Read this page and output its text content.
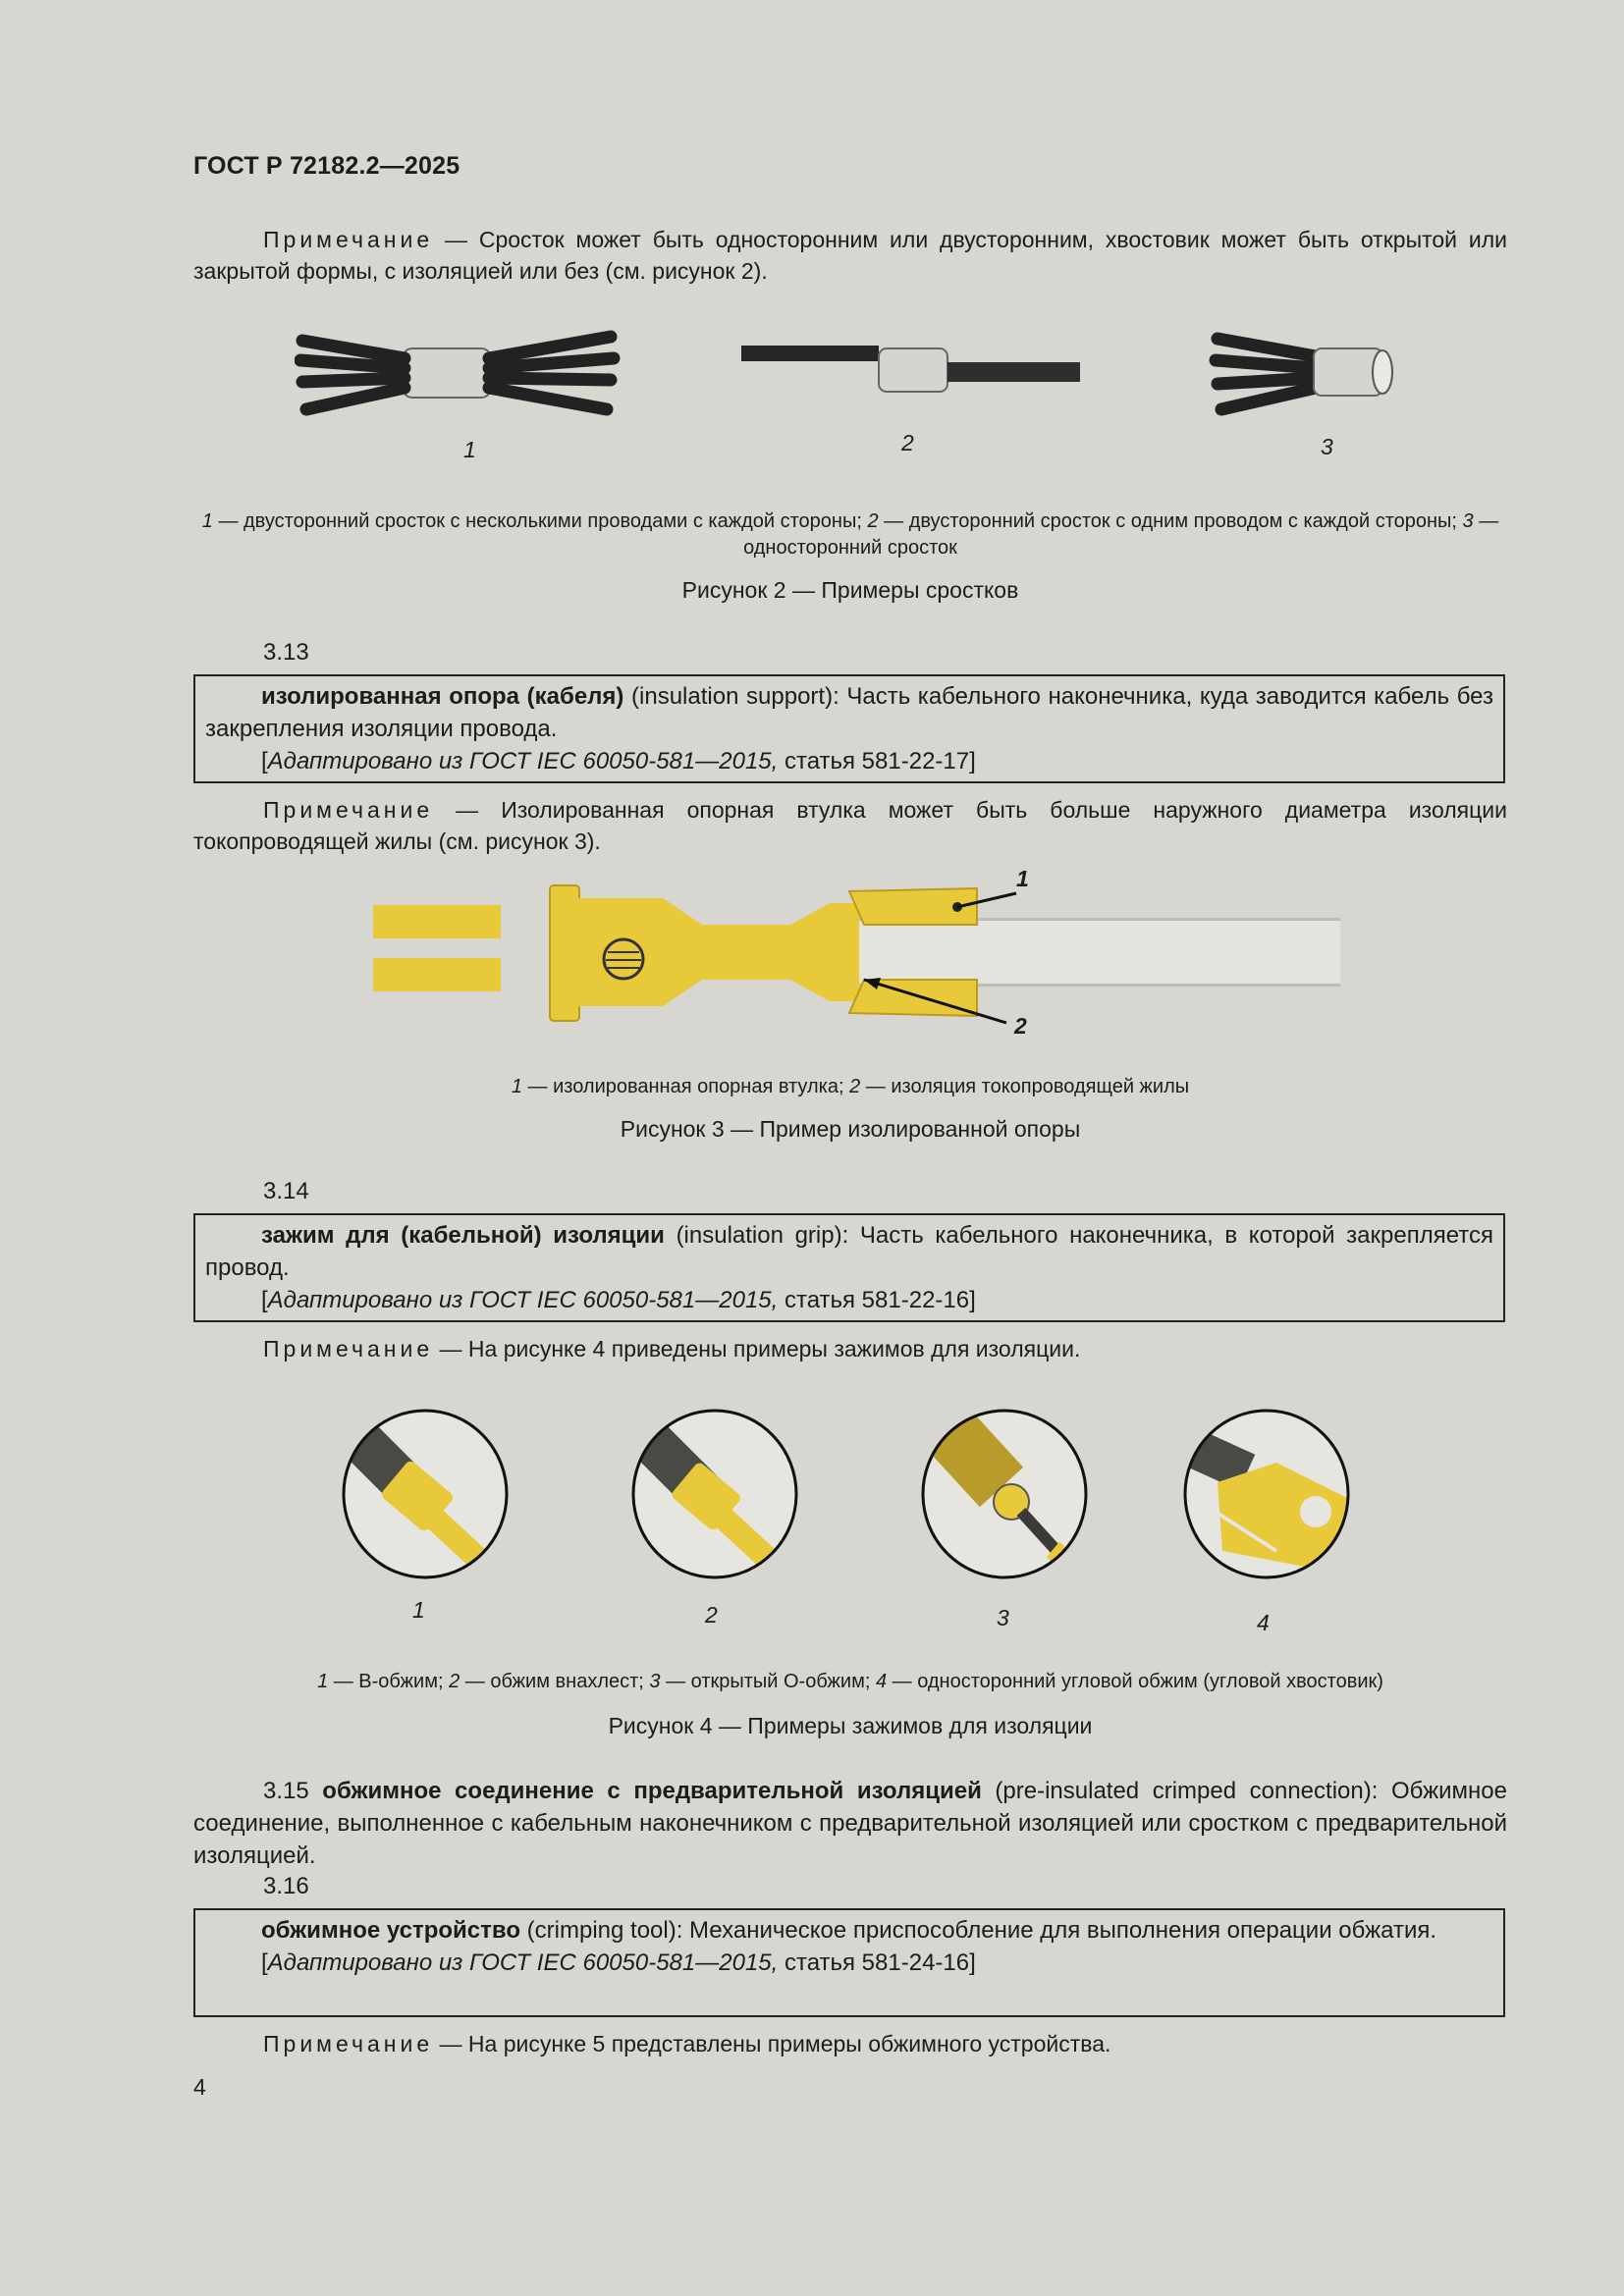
ГОСТ Р 72182.2—2025
Примечание — Сросток может быть односторонним или двусторонним, хвостовик может быть открытой или закрытой формы, с изоляцией или без (см. рисунок 2).
1	2	3
1 — двусторонний сросток с несколькими проводами с каждой стороны; 2 — двусторонний сросток с одним проводом с каждой стороны; 3 — односторонний сросток
Рисунок 2 — Примеры сростков
3.13
изолированная опора (кабеля) (insulation support): Часть кабельного наконечника, куда заводится кабель без закрепления изоляции провода.
[Адаптировано из ГОСТ IEC 60050-581—2015, статья 581-22-17]
Примечание — Изолированная опорная втулка может быть больше наружного диаметра изоляции токопроводящей жилы (см. рисунок 3).
1
2
1 — изолированная опорная втулка; 2 — изоляция токопроводящей жилы
Рисунок 3 — Пример изолированной опоры
3.14
зажим для (кабельной) изоляции (insulation grip): Часть кабельного наконечника, в которой закрепляется провод.
[Адаптировано из ГОСТ IEC 60050-581—2015, статья 581-22-16]
Примечание — На рисунке 4 приведены примеры зажимов для изоляции.
1	2	3	4
1 — В-обжим; 2 — обжим внахлест; 3 — открытый О-обжим; 4 — односторонний угловой обжим (угловой хвостовик)
Рисунок 4 — Примеры зажимов для изоляции
3.15 обжимное соединение с предварительной изоляцией (pre-insulated crimped connection): Обжимное соединение, выполненное с кабельным наконечником с предварительной изоляцией или сростком с предварительной изоляцией.
3.16
обжимное устройство (crimping tool): Механическое приспособление для выполнения операции обжатия.
[Адаптировано из ГОСТ IEC 60050-581—2015, статья 581-24-16]
Примечание — На рисунке 5 представлены примеры обжимного устройства.
4
